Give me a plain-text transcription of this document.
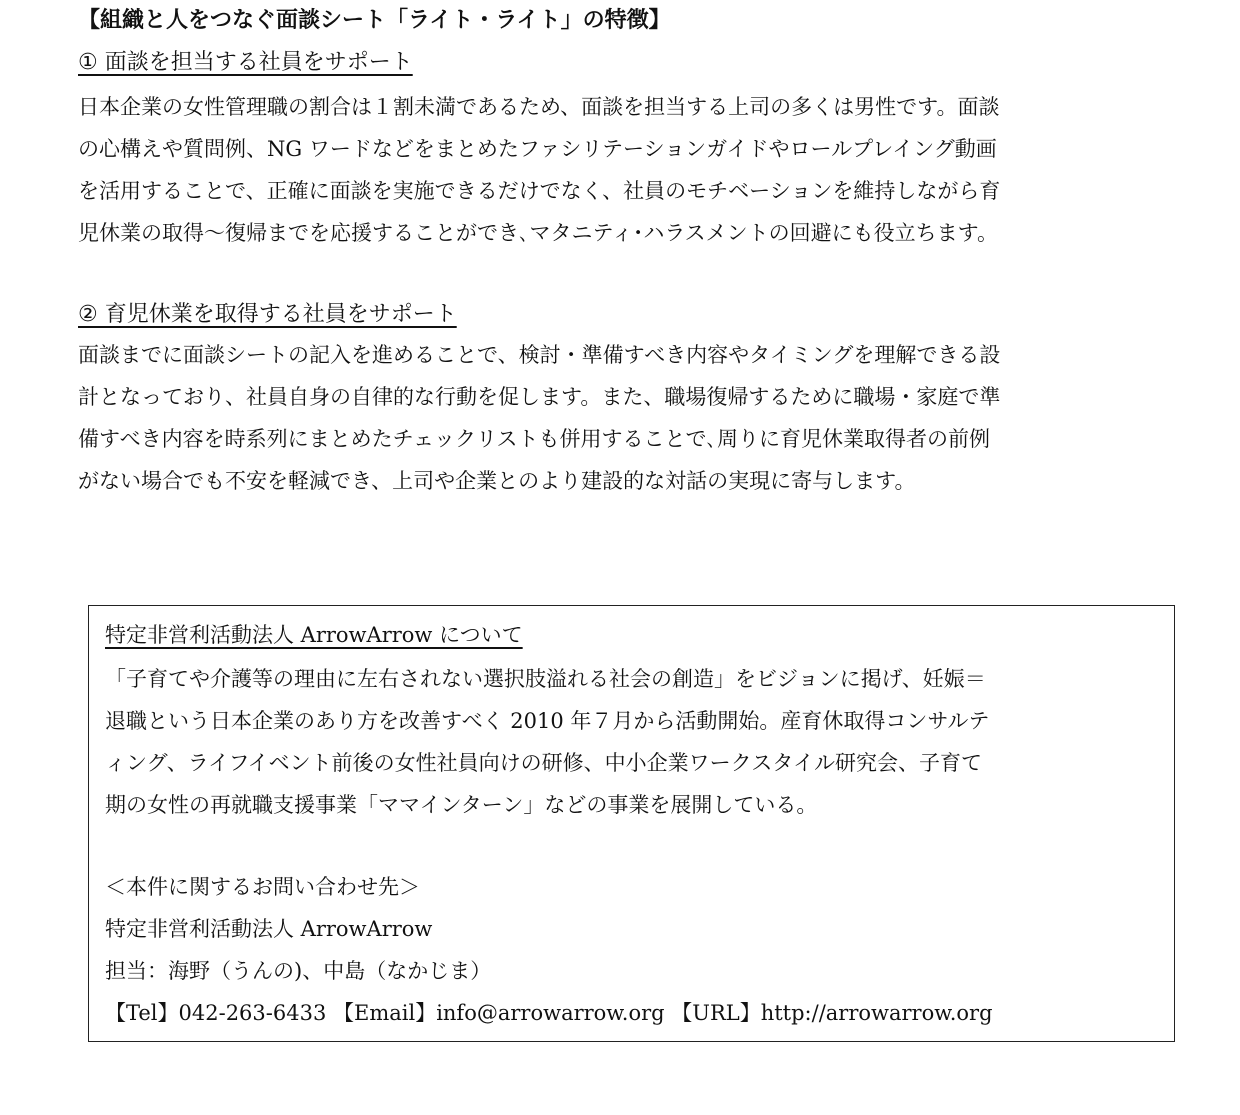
【組織と人をつなぐ面談シート「ライト・ライト」の特徴】
① 面談を担当する社員をサポート
日本企業の女性管理職の割合は１割未満であるため、面談を担当する上司の多くは男性です。面談
の心構えや質問例、NG ワードなどをまとめたファシリテーションガイドやロールプレイング動画
を活用することで、正確に面談を実施できるだけでなく、社員のモチベーションを維持しながら育
児休業の取得〜復帰までを応援することができ､マタニティ･ハラスメントの回避にも役立ちます。
② 育児休業を取得する社員をサポート
面談までに面談シートの記入を進めることで、検討・準備すべき内容やタイミングを理解できる設
計となっており、社員自身の自律的な行動を促します。また、職場復帰するために職場・家庭で準
備すべき内容を時系列にまとめたチェックリストも併用することで､周りに育児休業取得者の前例
がない場合でも不安を軽減でき、上司や企業とのより建設的な対話の実現に寄与します。
特定非営利活動法人 ArrowArrow について
「子育てや介護等の理由に左右されない選択肢溢れる社会の創造」をビジョンに掲げ、妊娠＝
退職という日本企業のあり方を改善すべく 2010 年７月から活動開始。産育休取得コンサルテ
ィング、ライフイベント前後の女性社員向けの研修、中小企業ワークスタイル研究会、子育て
期の女性の再就職支援事業「ママインターン」などの事業を展開している。
＜本件に関するお問い合わせ先＞
特定非営利活動法人 ArrowArrow
担当：海野（うんの)、中島（なかじま）
【Tel】042-263-6433 【Email】info@arrowarrow.org 【URL】http://arrowarrow.org
